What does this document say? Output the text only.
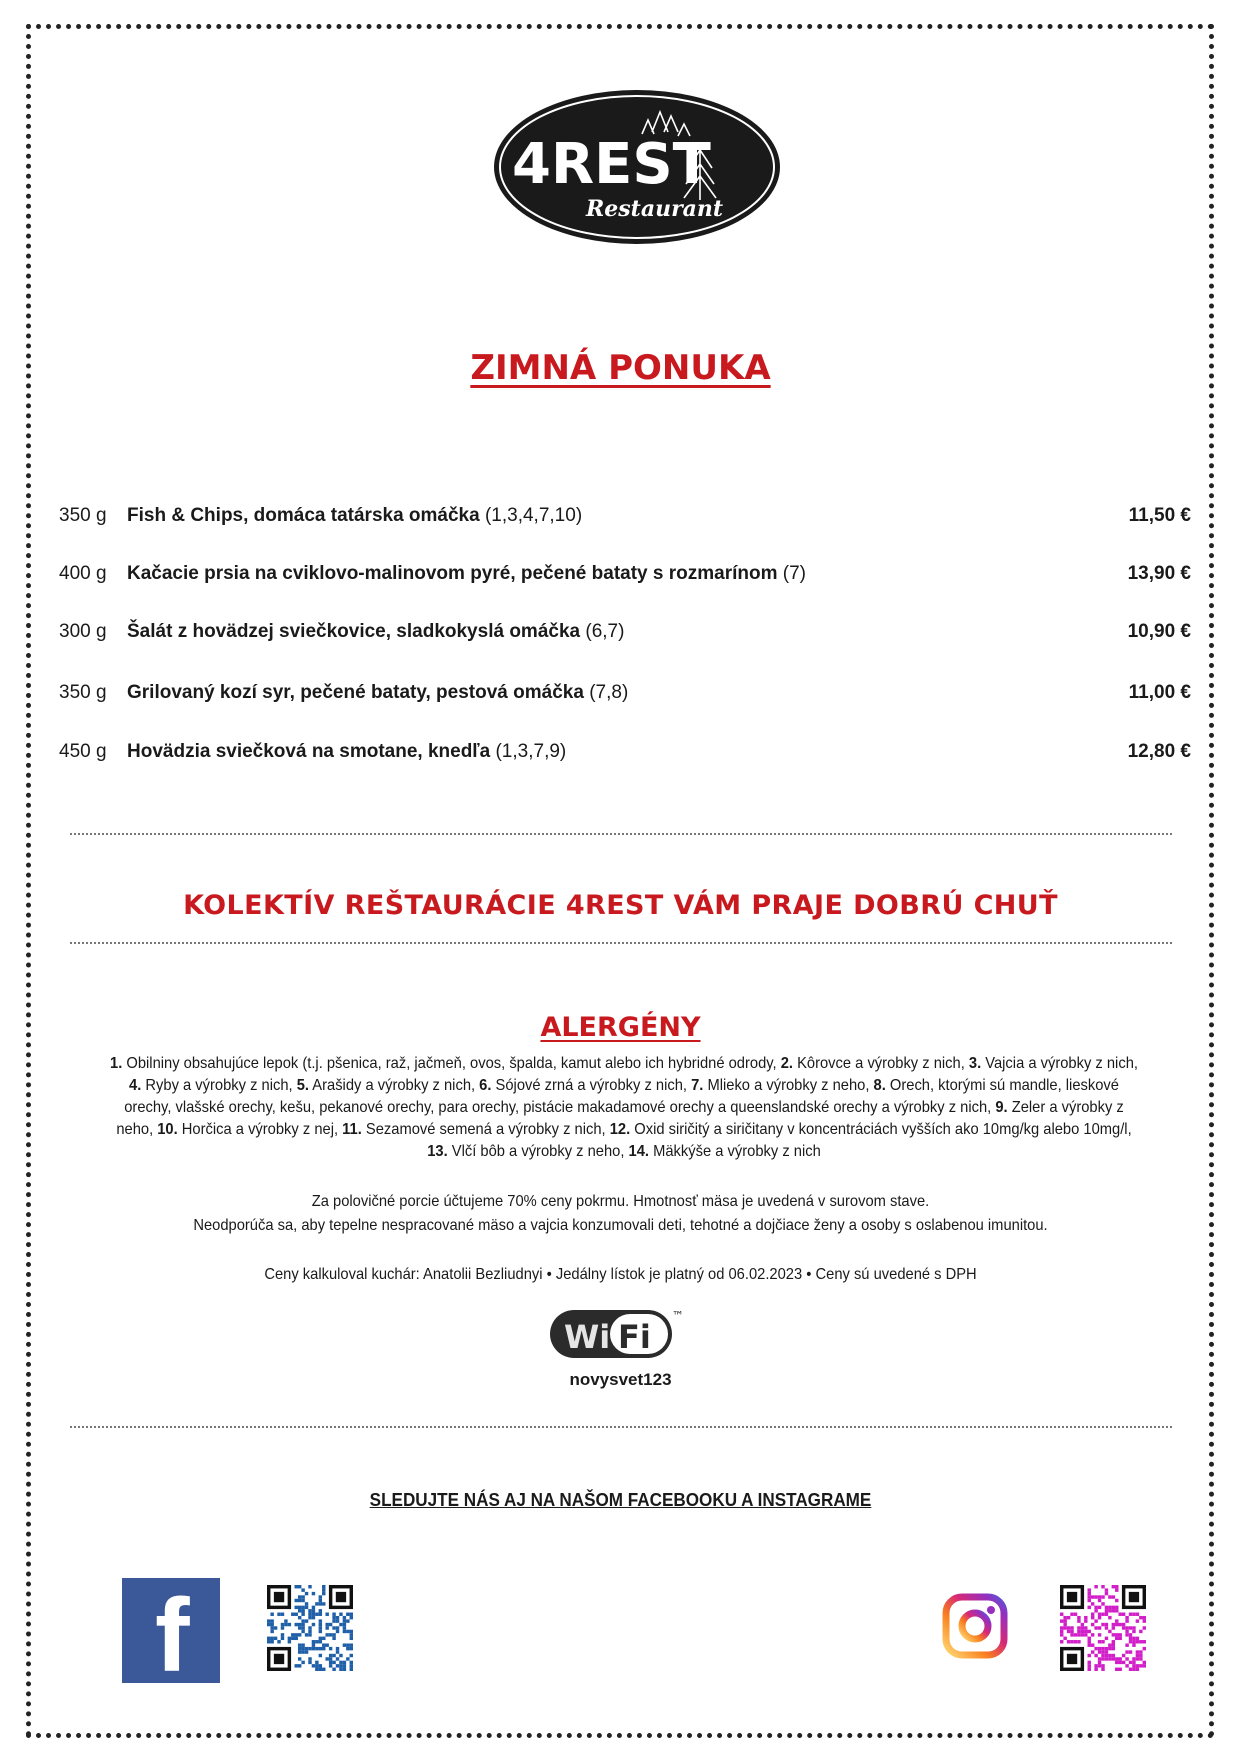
4REST
Restaurant
ZIMNÁ PONUKA
350 g Fish & Chips, domáca tatárska omáčka (1,3,4,7,10)	11,50 €
400 g Kačacie prsia na cviklovo-malinovom pyré, pečené bataty s rozmarínom (7)	13,90 €
300 g Šalát z hovädzej sviečkovice, sladkokyslá omáčka (6,7)	10,90 €
350 g Grilovaný kozí syr, pečené bataty, pestová omáčka (7,8)	11,00 €
450 g Hovädzia sviečková na smotane, knedľa (1,3,7,9)	12,80 €
KOLEKTÍV REŠTAURÁCIE 4REST VÁM PRAJE DOBRÚ CHUŤ
ALERGÉNY
1. Obilniny obsahujúce lepok (t.j. pšenica, raž, jačmeň, ovos, špalda, kamut alebo ich hybridné odrody, 2. Kôrovce a výrobky z nich, 3. Vajcia a výrobky z nich, 4. Ryby a výrobky z nich, 5. Arašidy a výrobky z nich, 6. Sójové zrná a výrobky z nich, 7. Mlieko a výrobky z neho, 8. Orech, ktorými sú mandle, lieskové orechy, vlašské orechy, kešu, pekanové orechy, para orechy, pistácie makadamové orechy a queenslandské orechy a výrobky z nich, 9. Zeler a výrobky z neho, 10. Horčica a výrobky z nej, 11. Sezamové semená a výrobky z nich, 12. Oxid siričitý a siričitany v koncentráciách vyšších ako 10mg/kg alebo 10mg/l, 13. Vlčí bôb a výrobky z neho, 14. Mäkkýše a výrobky z nich
Za polovičné porcie účtujeme 70% ceny pokrmu. Hmotnosť mäsa je uvedená v surovom stave.
Neodporúča sa, aby tepelne nespracované mäso a vajcia konzumovali deti, tehotné a dojčiace ženy a osoby s oslabenou imunitou.
Ceny kalkuloval kuchár: Anatolii Bezliudnyi • Jedálny lístok je platný od 06.02.2023 • Ceny sú uvedené s DPH
Wi Fi
™
novysvet123
SLEDUJTE NÁS AJ NA NAŠOM FACEBOOKU A INSTAGRAME
f
